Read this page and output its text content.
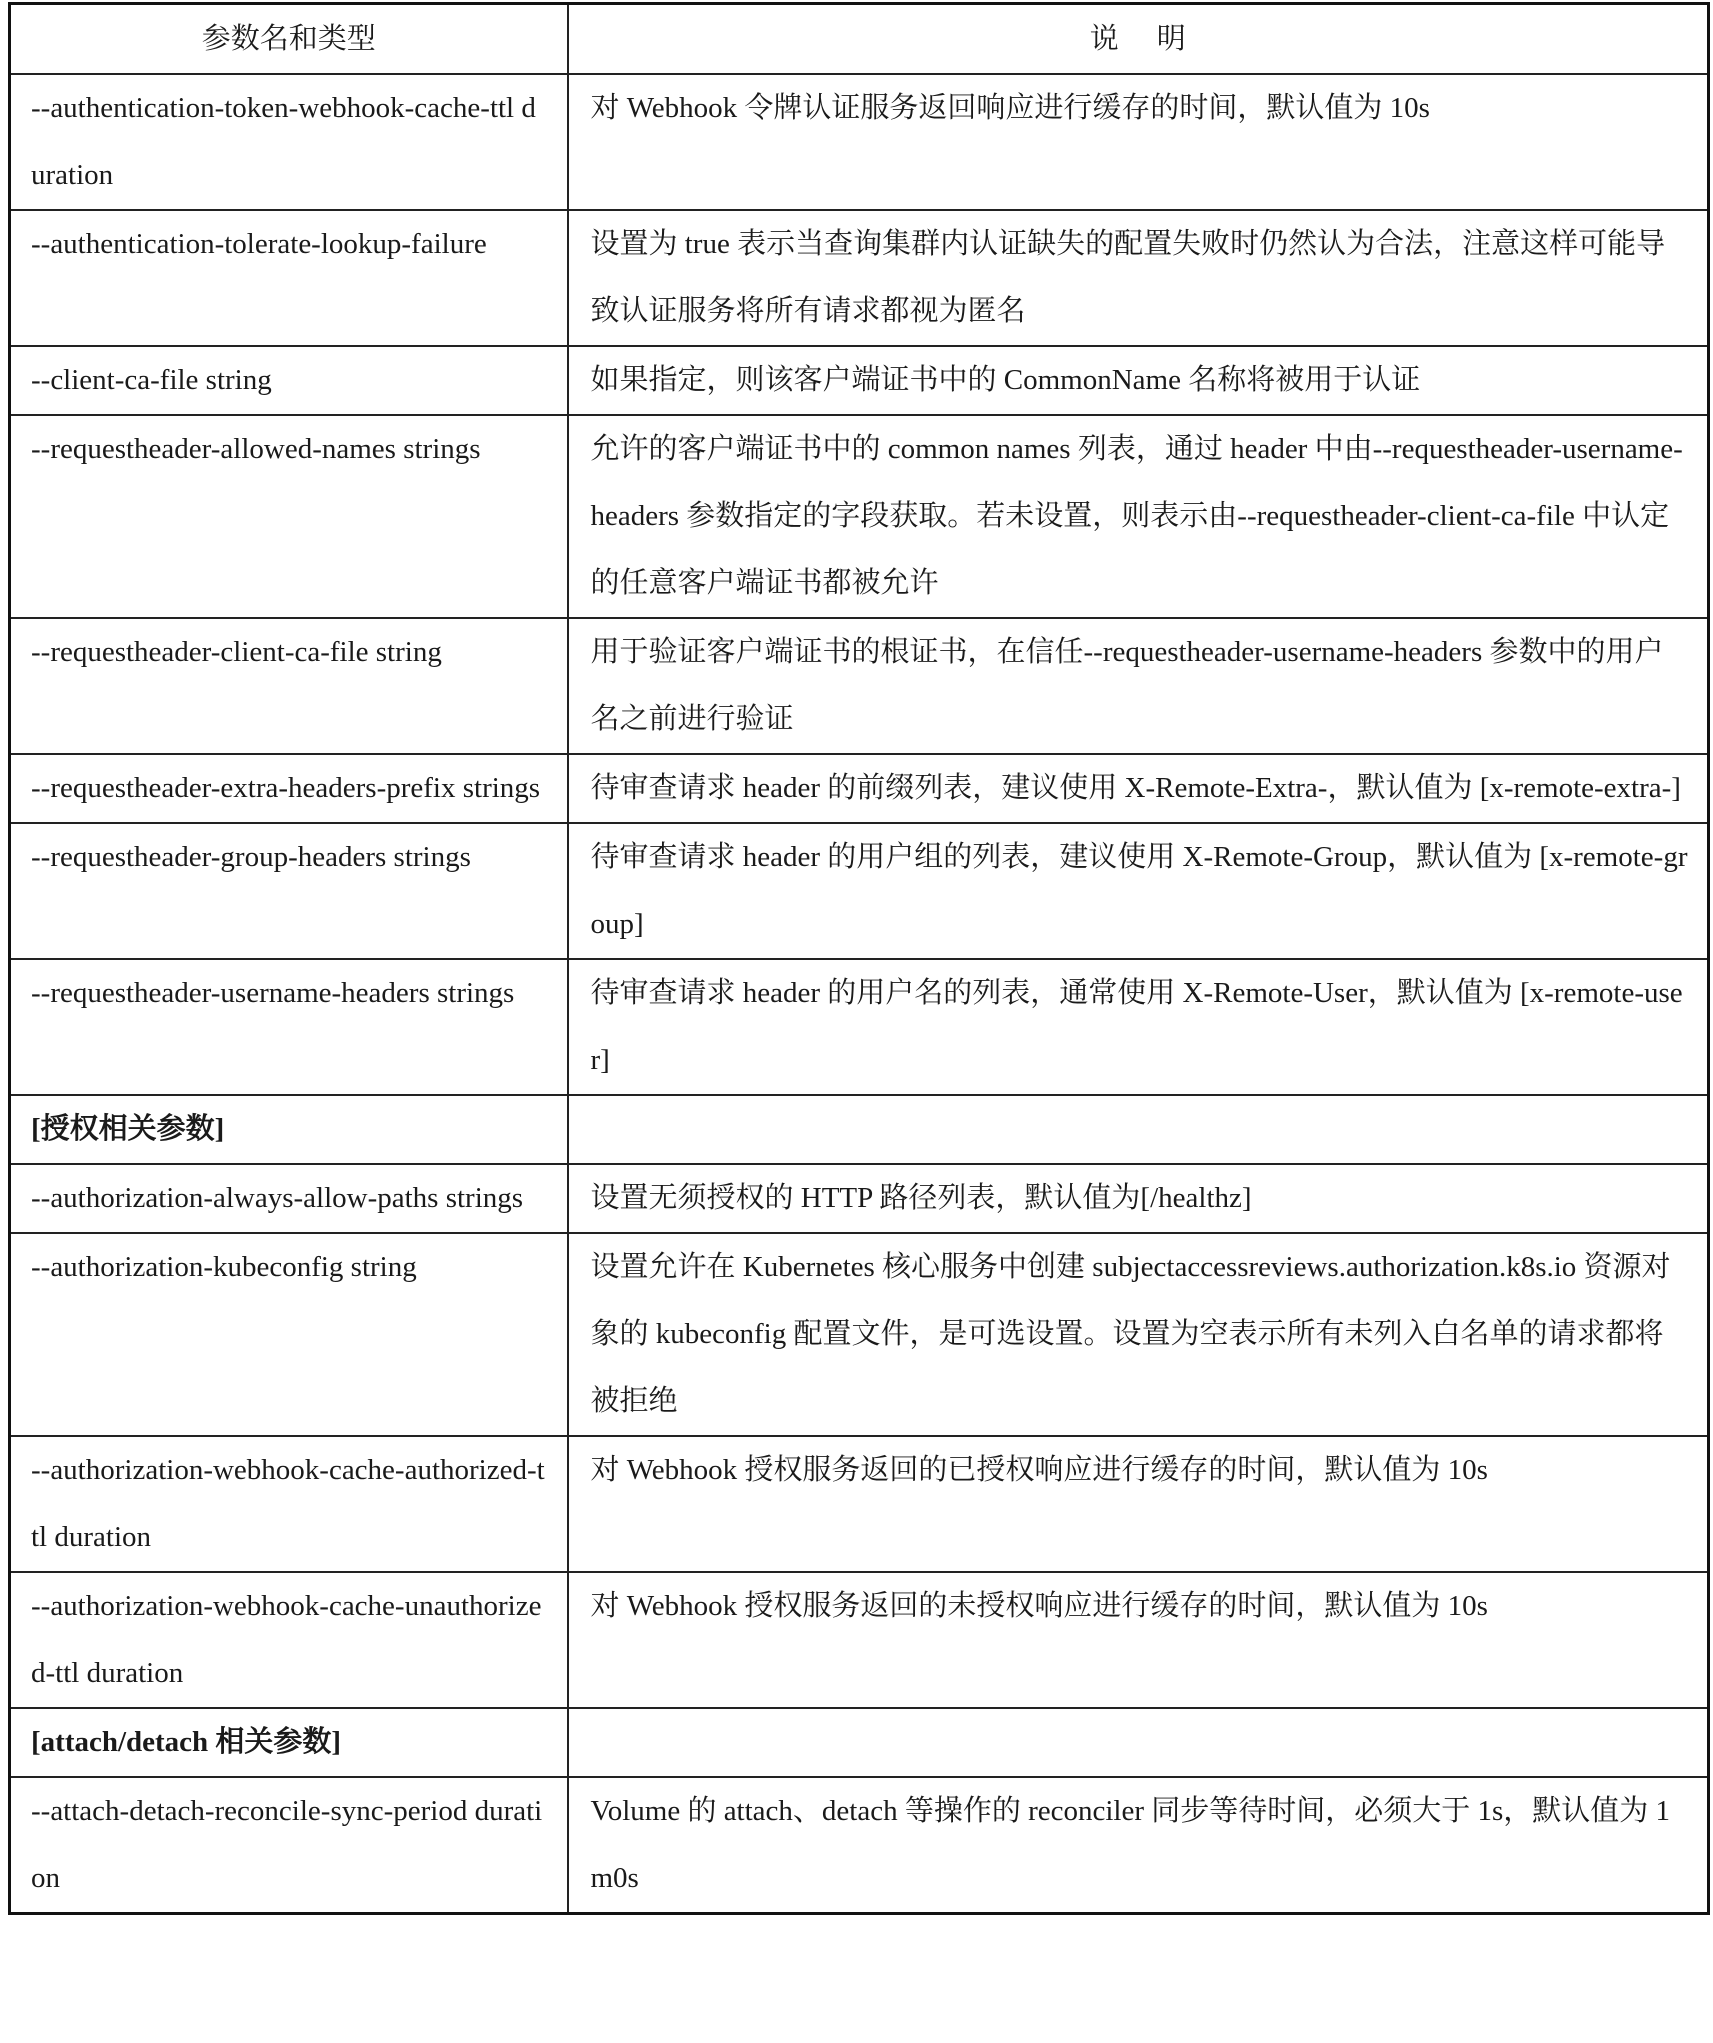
参数名和类型	说明
--authentication-token-webhook-cache-ttl duration	对 Webhook 令牌认证服务返回响应进行缓存的时间，默认值为 10s
--authentication-tolerate-lookup-failure	设置为 true 表示当查询集群内认证缺失的配置失败时仍然认为合法，注意这样可能导致认证服务将所有请求都视为匿名
--client-ca-file string	如果指定，则该客户端证书中的 CommonName 名称将被用于认证
--requestheader-allowed-names strings	允许的客户端证书中的 common names 列表，通过 header 中由--requestheader-username-headers 参数指定的字段获取。若未设置，则表示由--requestheader-client-ca-file 中认定的任意客户端证书都被允许
--requestheader-client-ca-file string	用于验证客户端证书的根证书，在信任--requestheader-username-headers 参数中的用户名之前进行验证
--requestheader-extra-headers-prefix strings	待审查请求 header 的前缀列表，建议使用 X-Remote-Extra-，默认值为 [x-remote-extra-]
--requestheader-group-headers strings	待审查请求 header 的用户组的列表，建议使用 X-Remote-Group，默认值为 [x-remote-group]
--requestheader-username-headers strings	待审查请求 header 的用户名的列表，通常使用 X-Remote-User，默认值为 [x-remote-user]
[授权相关参数]	
--authorization-always-allow-paths strings	设置无须授权的 HTTP 路径列表，默认值为[/healthz]
--authorization-kubeconfig string	设置允许在 Kubernetes 核心服务中创建 subjectaccessreviews.authorization.k8s.io 资源对象的 kubeconfig 配置文件，是可选设置。设置为空表示所有未列入白名单的请求都将被拒绝
--authorization-webhook-cache-authorized-ttl duration	对 Webhook 授权服务返回的已授权响应进行缓存的时间，默认值为 10s
--authorization-webhook-cache-unauthorized-ttl duration	对 Webhook 授权服务返回的未授权响应进行缓存的时间，默认值为 10s
[attach/detach 相关参数]	
--attach-detach-reconcile-sync-period duration	Volume 的 attach、detach 等操作的 reconciler 同步等待时间，必须大于 1s，默认值为 1m0s
